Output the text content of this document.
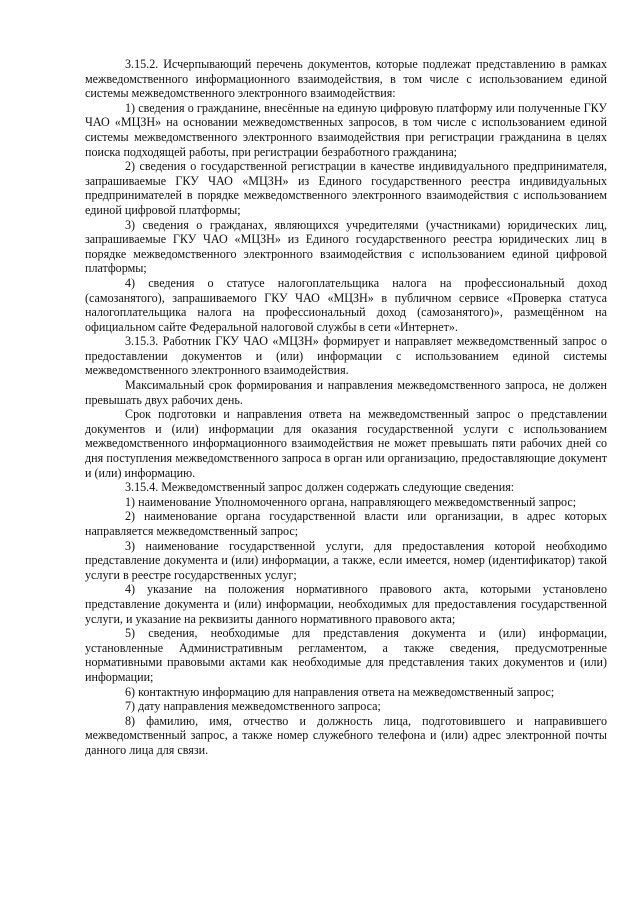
3.15.2. Исчерпывающий перечень документов, которые подлежат представлению в рамках межведомственного информационного взаимодействия, в том числе с использованием единой системы межведомственного электронного взаимодействия:

1) сведения о гражданине, внесённые на единую цифровую платформу или полученные ГКУ ЧАО «МЦЗН» на основании межведомственных запросов, в том числе с использованием единой системы межведомственного электронного взаимодействия при регистрации гражданина в целях поиска подходящей работы, при регистрации безработного гражданина;

2) сведения о государственной регистрации в качестве индивидуального предпринимателя, запрашиваемые ГКУ ЧАО «МЦЗН» из Единого государственного реестра индивидуальных предпринимателей в порядке межведомственного электронного взаимодействия с использованием единой цифровой платформы;

3) сведения о гражданах, являющихся учредителями (участниками) юридических лиц, запрашиваемые ГКУ ЧАО «МЦЗН» из Единого государственного реестра юридических лиц в порядке межведомственного электронного взаимодействия с использованием единой цифровой платформы;

4) сведения о статусе налогоплательщика налога на профессиональный доход (самозанятого), запрашиваемого ГКУ ЧАО «МЦЗН» в публичном сервисе «Проверка статуса налогоплательщика налога на профессиональный доход (самозанятого)», размещённом на официальном сайте Федеральной налоговой службы в сети «Интернет».

3.15.3. Работник ГКУ ЧАО «МЦЗН» формирует и направляет межведомственный запрос о предоставлении документов и (или) информации с использованием единой системы межведомственного электронного взаимодействия.

Максимальный срок формирования и направления межведомственного запроса, не должен превышать двух рабочих день.

Срок подготовки и направления ответа на межведомственный запрос о представлении документов и (или) информации для оказания государственной услуги с использованием межведомственного информационного взаимодействия не может превышать пяти рабочих дней со дня поступления межведомственного запроса в орган или организацию, предоставляющие документ и (или) информацию.

3.15.4. Межведомственный запрос должен содержать следующие сведения:

1) наименование Уполномоченного органа, направляющего межведомственный запрос;

2) наименование органа государственной власти или организации, в адрес которых направляется межведомственный запрос;

3) наименование государственной услуги, для предоставления которой необходимо представление документа и (или) информации, а также, если имеется, номер (идентификатор) такой услуги в реестре государственных услуг;

4) указание на положения нормативного правового акта, которыми установлено представление документа и (или) информации, необходимых для предоставления государственной услуги, и указание на реквизиты данного нормативного правового акта;

5) сведения, необходимые для представления документа и (или) информации, установленные Административным регламентом, а также сведения, предусмотренные нормативными правовыми актами как необходимые для представления таких документов и (или) информации;

6) контактную информацию для направления ответа на межведомственный запрос;

7) дату направления межведомственного запроса;

8) фамилию, имя, отчество и должность лица, подготовившего и направившего межведомственный запрос, а также номер служебного телефона и (или) адрес электронной почты данного лица для связи.
